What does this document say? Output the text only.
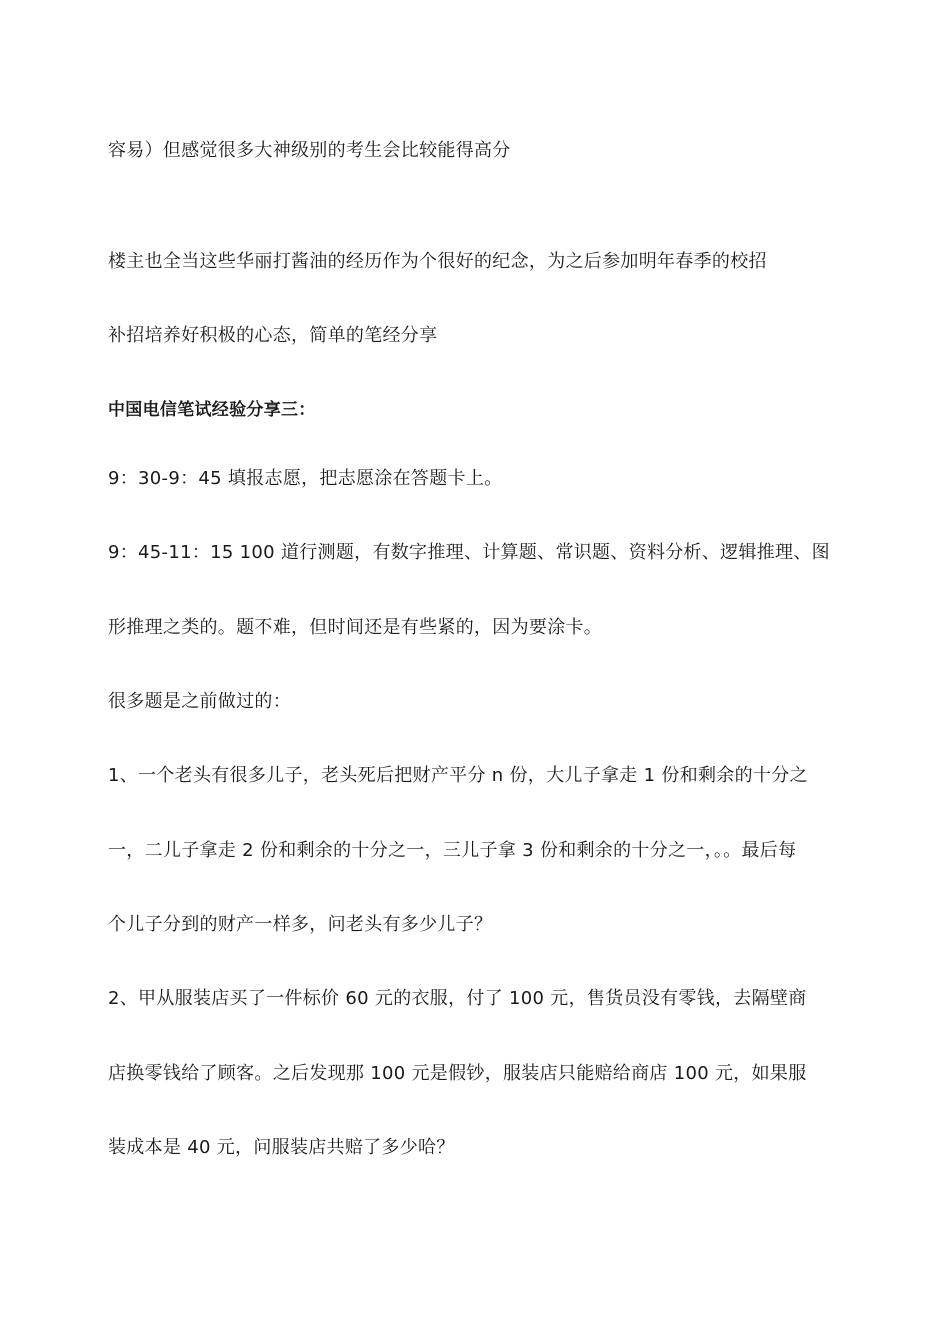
容易）但感觉很多大神级别的考生会比较能得高分
楼主也全当这些华丽打酱油的经历作为个很好的纪念，为之后参加明年春季的校招
补招培养好积极的心态，简单的笔经分享
中国电信笔试经验分享三：
9：30-9：45 填报志愿，把志愿涂在答题卡上。
9：45-11：15 100 道行测题，有数字推理、计算题、常识题、资料分析、逻辑推理、图
形推理之类的。题不难，但时间还是有些紧的，因为要涂卡。
很多题是之前做过的：
1、一个老头有很多儿子，老头死后把财产平分 n 份，大儿子拿走 1 份和剩余的十分之
一，二儿子拿走 2 份和剩余的十分之一，三儿子拿 3 份和剩余的十分之一，。。最后每
个儿子分到的财产一样多，问老头有多少儿子？
2、甲从服装店买了一件标价 60 元的衣服，付了 100 元，售货员没有零钱，去隔壁商
店换零钱给了顾客。之后发现那 100 元是假钞，服装店只能赔给商店 100 元，如果服
装成本是 40 元，问服装店共赔了多少哈？
